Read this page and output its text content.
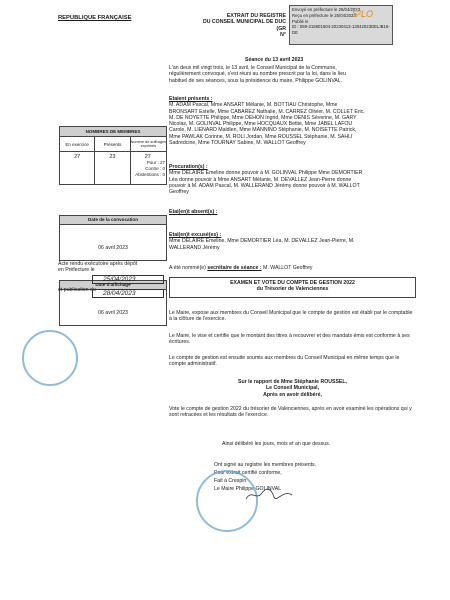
REPUBLIQUE FRANÇAISE	EXTRAIT DU REGISTRE
DU CONSEIL MUNICIPAL DE DUC
(GR
N°
Envoyé en préfecture le 25/04/2023
Reçu en préfecture le 25/04/2023
Publié le
ID : 059-215901504-20230413-13042023DELIB15-DE
S²LO
Séance du 13 avril 2023
L'an deux mil vingt trois, le 13 avril, le Conseil Municipal de la Commune,
régulièrement convoqué, s'est réuni au nombre prescrit par la loi, dans le lieu
habituel de ses séances, sous la présidence du maire, Philippe GOLINVAL.
NOMBRES DE MEMBRES		
En exercice	Présents	Nombre de suffrages exprimés
27	23	27
Pour : 27
Contre : 0
Abstentions : 0
Date de la convocation
06 avril 2023
Date d'affichage
06 avril 2023
Etaient présents :
M. ADAM Pascal, Mme ANSART Mélanie, M. BOTTIAU Christophe, Mme
BRONSART Estelle, Mme CABAREZ Nathalie, M. CARREZ Olivier, M. COLLET Eric,
M. DE NOYETTE Philippe, Mme DEHON Ingrid, Mme DENIS Séverine, M. GARY
Nicolas, M. GOLINVAL Philippe, Mme HOCQUAUX Bettie, Mme JABEL LAFOU
Carole, M. LIENARD Maldlen, Mme MANNINO Stéphanie, M. NOISETTE Patrick,
Mme PAWLAK Corinne, M. ROLI Jordan, Mme ROUSSEL Stéphanie, M. SAHLI
Sadredcine, Mme TOURNAY Sabine, M. WALLOT Geoffrey
Procuration(s) :
Mme DELAIRE Emeline donne pouvoir à M. GOLINVAL Philippe Mme DEMORTIER
Léa donne pouvoir à Mme ANSART Mélanie, M. DEVALLEZ Jean-Pierre donne
pouvoir à M. ADAM Pascal, M. WALLERAND Jérémy donne pouvoir à M. WALLOT
Geoffrey
Etai(en)t absent(s) :
Etai(en)t excusé(es) :
Mme DELAIRE Emeline, Mme DEMORTIER Léa, M. DEVALLEZ Jean-Pierre, M.
WALLERAND Jérémy
Acte rendu exécutoire après dépôt
en Préfecture le
25/04/2023
et publication du	28/04/2023
A été nommé(e) secrétaire de séance : M. WALLOT Geoffrey
EXAMEN ET VOTE DU COMPTE DE GESTION 2022
du Trésorier de Valenciennes
Le Maire, expose aux membres du Conseil Municipal que le compte de gestion est établi par le comptable à la clôture de l'exercice.
Le Maire, le vise et certifie que le montant des titres à recouvrer et des mandats émis est conforme à ses écritures.
Le compte de gestion est ensuite soumis aux membres du Conseil Municipal en même temps que le compte administratif.
Sur le rapport de Mme Stéphanie ROUSSEL,
Le Conseil Municipal,
Après en avoir délibéré,
Vote le compte de gestion 2022 du trésorier de Valenciennes, après en avoir examiné les opérations qui y sont retracées et les résultats de l'exercice.
Ainsi délibéré les jours, mois et an que dessus.
Ont signé au registre les membres présents.
Pour extrait certifié conforme,
Fait à Crespin
Le Maire Philippe GOLINVAL
